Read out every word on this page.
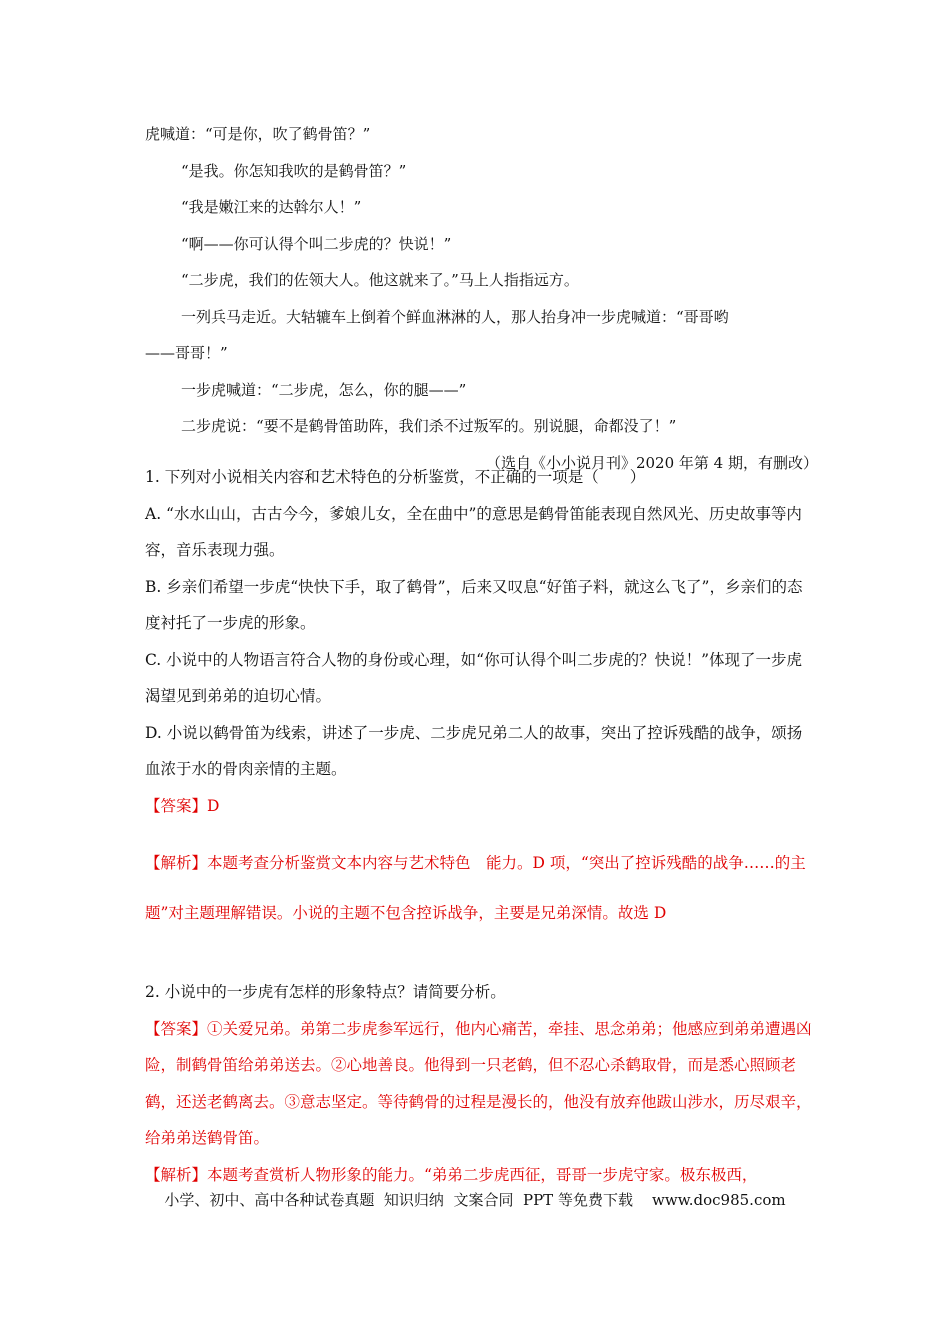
虎喊道：“可是你，吹了鹤骨笛？”

“是我。你怎知我吹的是鹤骨笛？”

“我是嫩江来的达斡尔人！”

“啊——你可认得个叫二步虎的？快说！”

“二步虎，我们的佐领大人。他这就来了。”马上人指指远方。

一列兵马走近。大轱辘车上倒着个鲜血淋淋的人，那人抬身冲一步虎喊道：“哥哥哟

——哥哥！”

一步虎喊道：“二步虎，怎么，你的腿——”

二步虎说：“要不是鹤骨笛助阵，我们杀不过叛军的。别说腿，命都没了！”

（选自《小小说月刊》2020 年第 4 期，有删改）

1. 下列对小说相关内容和艺术特色的分析鉴赏，不正确的一项是（　　）

A. “水水山山，古古今今，爹娘儿女，全在曲中”的意思是鹤骨笛能表现自然风光、历史故事等内容，音乐表现力强。

B. 乡亲们希望一步虎“快快下手，取了鹤骨”，后来又叹息“好笛子料，就这么飞了”，乡亲们的态度衬托了一步虎的形象。

C. 小说中的人物语言符合人物的身份或心理，如“你可认得个叫二步虎的？快说！”体现了一步虎渴望见到弟弟的迫切心情。

D. 小说以鹤骨笛为线索，讲述了一步虎、二步虎兄弟二人的故事，突出了控诉残酷的战争，颂扬血浓于水的骨肉亲情的主题。

【答案】D

【解析】本题考查分析鉴赏文本内容与艺术特色　能力。D 项，“突出了控诉残酷的战争……的主题”对主题理解错误。小说的主题不包含控诉战争，主要是兄弟深情。故选 D

2. 小说中的一步虎有怎样的形象特点？请简要分析。

【答案】①关爱兄弟。弟第二步虎参军远行，他内心痛苦，牵挂、思念弟弟；他感应到弟弟遭遇凶险，制鹤骨笛给弟弟送去。②心地善良。他得到一只老鹤，但不忍心杀鹤取骨，而是悉心照顾老鹤，还送老鹤离去。③意志坚定。等待鹤骨的过程是漫长的，他没有放弃他跋山涉水，历尽艰辛，给弟弟送鹤骨笛。

【解析】本题考查赏析人物形象的能力。“弟弟二步虎西征，哥哥一步虎守家。极东极西，

小学、初中、高中各种试卷真题  知识归纳  文案合同  PPT 等免费下载    www.doc985.com
